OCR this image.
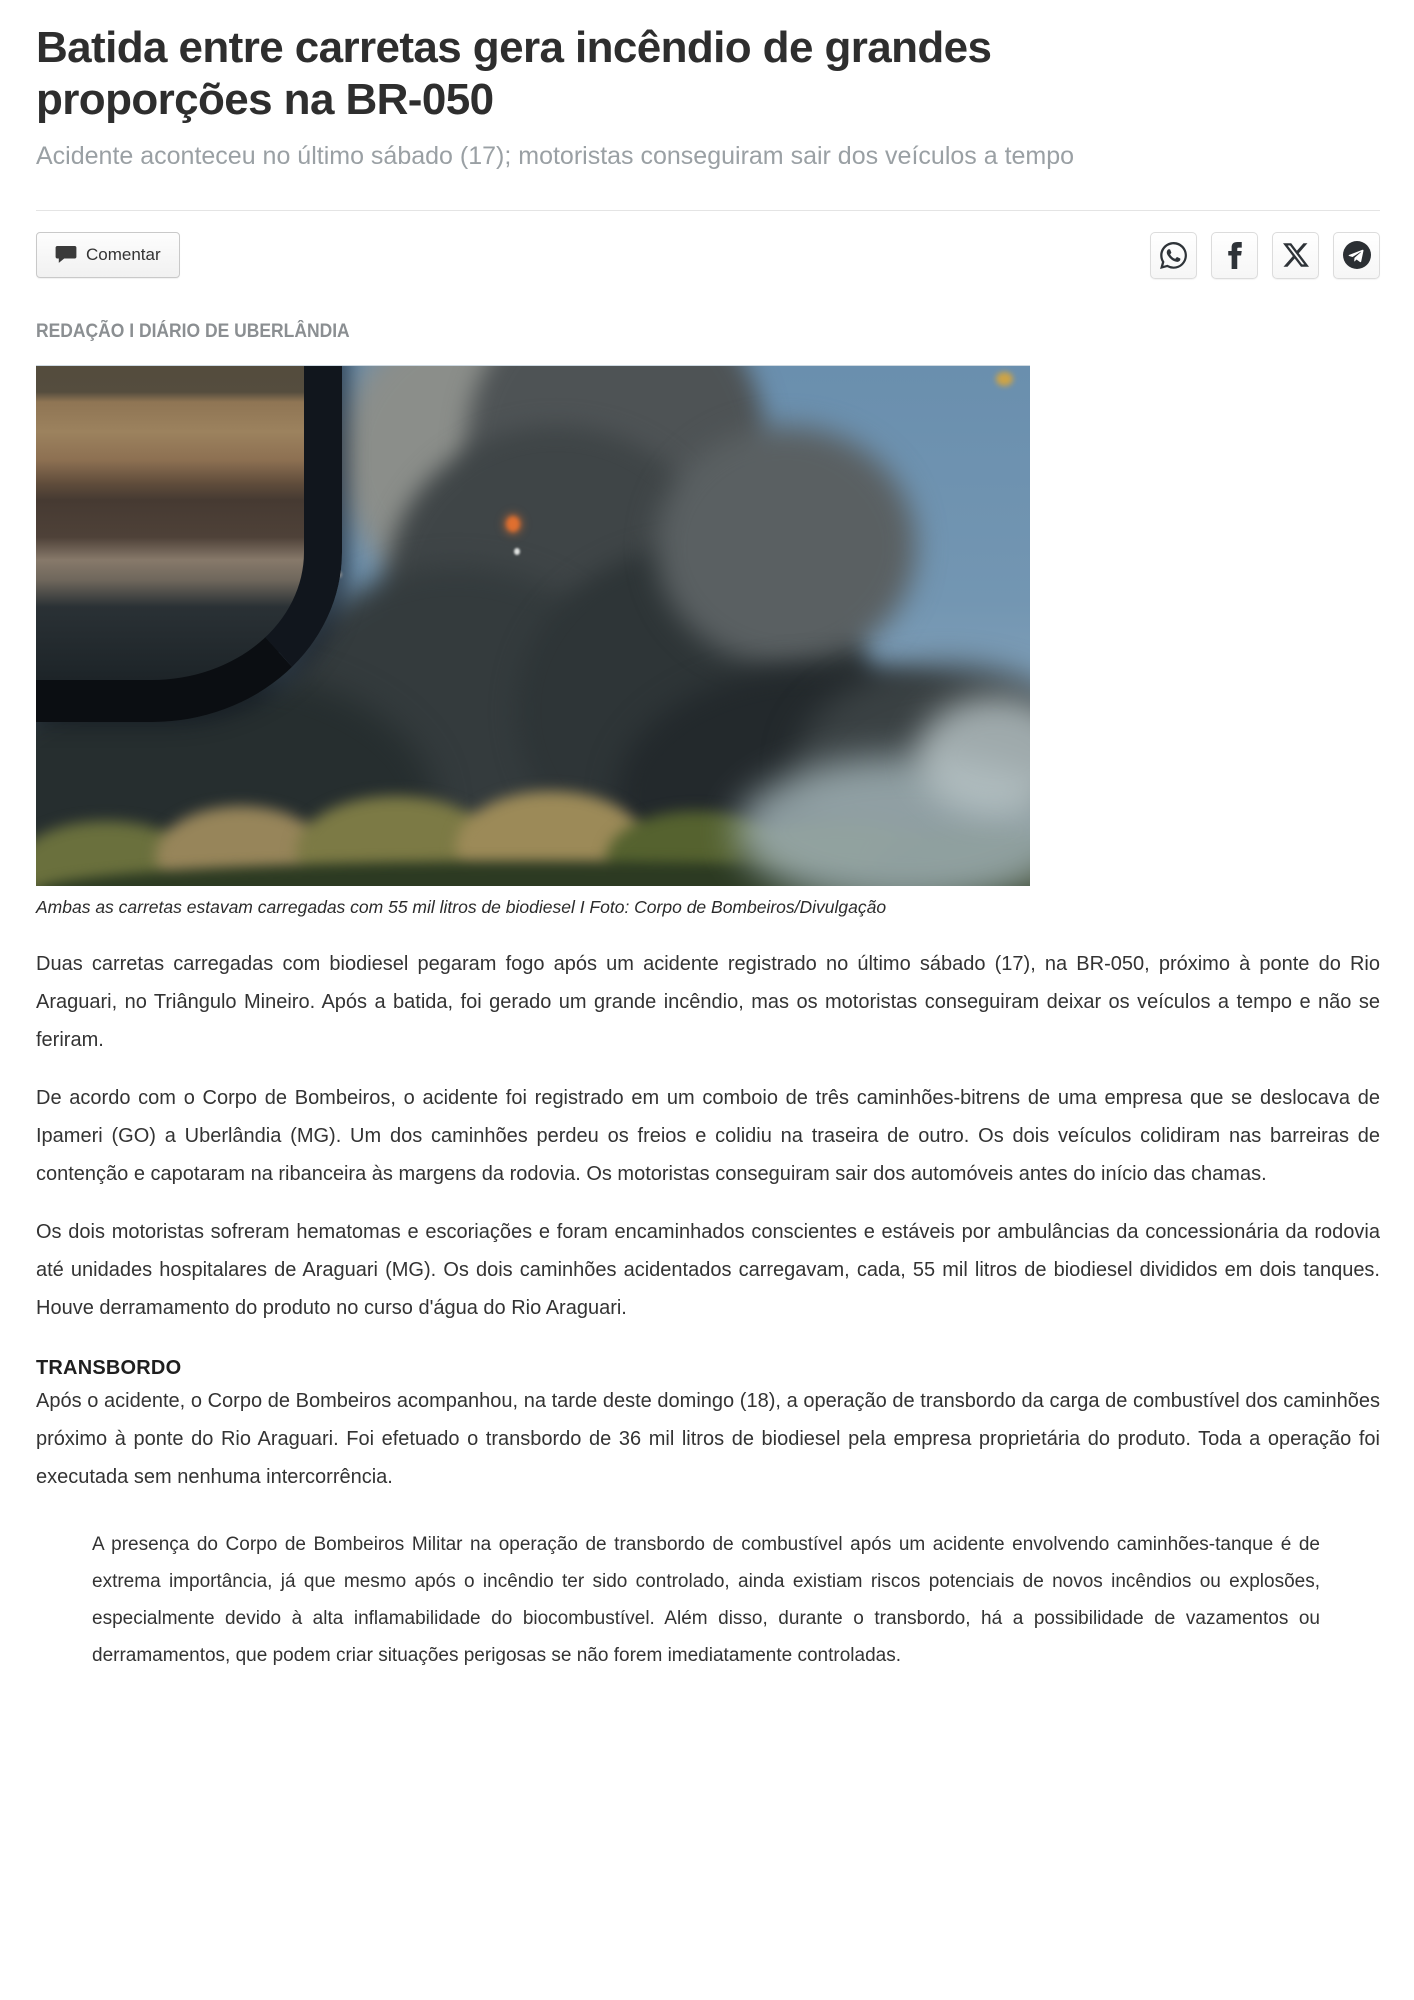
Batida entre carretas gera incêndio de grandes proporções na BR-050

Acidente aconteceu no último sábado (17); motoristas conseguiram sair dos veículos a tempo

Comentar
REDAÇÃO I DIÁRIO DE UBERLÂNDIA
Ambas as carretas estavam carregadas com 55 mil litros de biodiesel I Foto: Corpo de Bombeiros/Divulgação

Duas carretas carregadas com biodiesel pegaram fogo após um acidente registrado no último sábado (17), na BR-050, próximo à ponte do Rio Araguari, no Triângulo Mineiro. Após a batida, foi gerado um grande incêndio, mas os motoristas conseguiram deixar os veículos a tempo e não se feriram.

De acordo com o Corpo de Bombeiros, o acidente foi registrado em um comboio de três caminhões-bitrens de uma empresa que se deslocava de Ipameri (GO) a Uberlândia (MG). Um dos caminhões perdeu os freios e colidiu na traseira de outro. Os dois veículos colidiram nas barreiras de contenção e capotaram na ribanceira às margens da rodovia. Os motoristas conseguiram sair dos automóveis antes do início das chamas.

Os dois motoristas sofreram hematomas e escoriações e foram encaminhados conscientes e estáveis por ambulâncias da concessionária da rodovia até unidades hospitalares de Araguari (MG). Os dois caminhões acidentados carregavam, cada, 55 mil litros de biodiesel divididos em dois tanques. Houve derramamento do produto no curso d'água do Rio Araguari.

TRANSBORDO

Após o acidente, o Corpo de Bombeiros acompanhou, na tarde deste domingo (18), a operação de transbordo da carga de combustível dos caminhões próximo à ponte do Rio Araguari. Foi efetuado o transbordo de 36 mil litros de biodiesel pela empresa proprietária do produto. Toda a operação foi executada sem nenhuma intercorrência.

A presença do Corpo de Bombeiros Militar na operação de transbordo de combustível após um acidente envolvendo caminhões-tanque é de extrema importância, já que mesmo após o incêndio ter sido controlado, ainda existiam riscos potenciais de novos incêndios ou explosões, especialmente devido à alta inflamabilidade do biocombustível. Além disso, durante o transbordo, há a possibilidade de vazamentos ou derramamentos, que podem criar situações perigosas se não forem imediatamente controladas.
